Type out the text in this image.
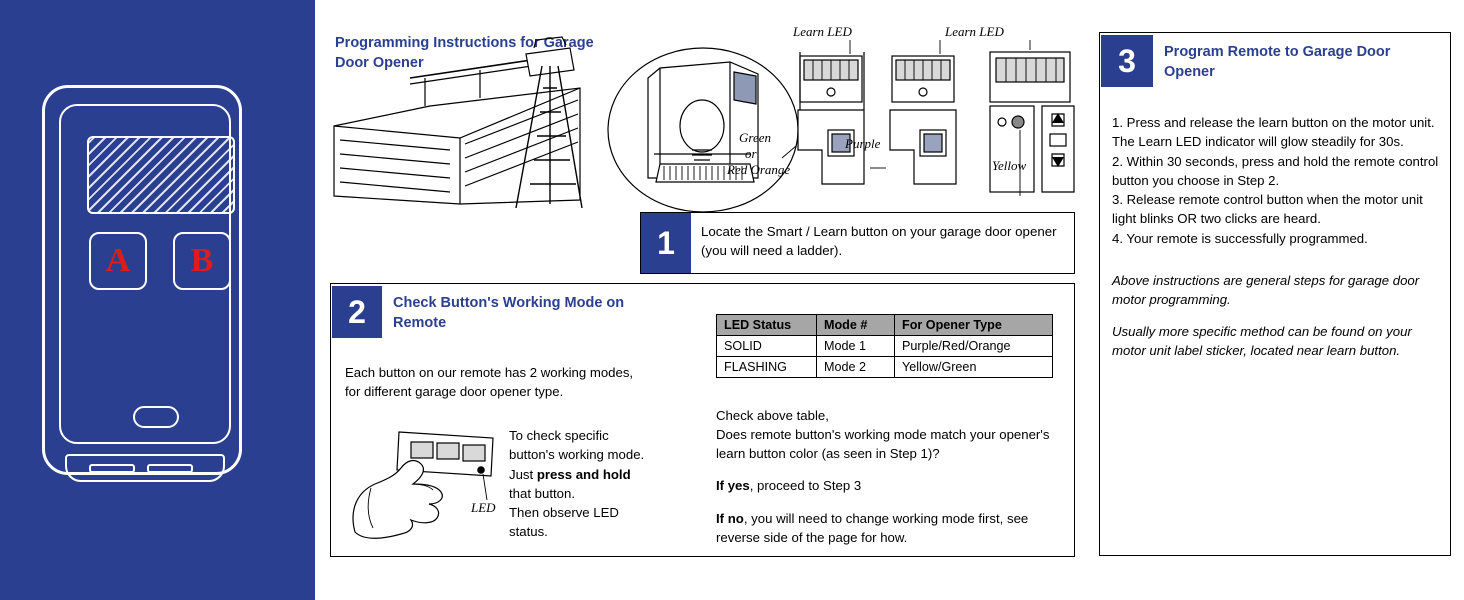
A B
Programming Instructions for Garage Door Opener
Learn LED	Learn LED
Green
or
Red Orange
Purple
Yellow
1	Locate the Smart / Learn button on your garage door opener (you will need a ladder).
2	Check Button's Working Mode on Remote
Each button on our remote has 2 working modes, for different garage door opener type.
LED
To check specific button's working mode.
Just press and hold that button.
Then observe LED status.
LED Status	Mode #	For Opener Type
SOLID	Mode 1	Purple/Red/Orange
FLASHING	Mode 2	Yellow/Green

Check above table,
Does remote button's working mode match your opener's learn button color (as seen in Step 1)?

If yes, proceed to Step 3

If no, you will need to change working mode first, see reverse side of the page for how.

3	Program Remote to Garage Door Opener
1. Press and release the learn button on the motor unit. The Learn LED indicator will glow steadily for 30s.
2. Within 30 seconds, press and hold the remote control button you choose in Step 2.
3. Release remote control button when the motor unit light blinks OR two clicks are heard.
4. Your remote is successfully programmed.

Above instructions are general steps for garage door motor programming.

Usually more specific method can be found on your motor unit label sticker, located near learn button.
